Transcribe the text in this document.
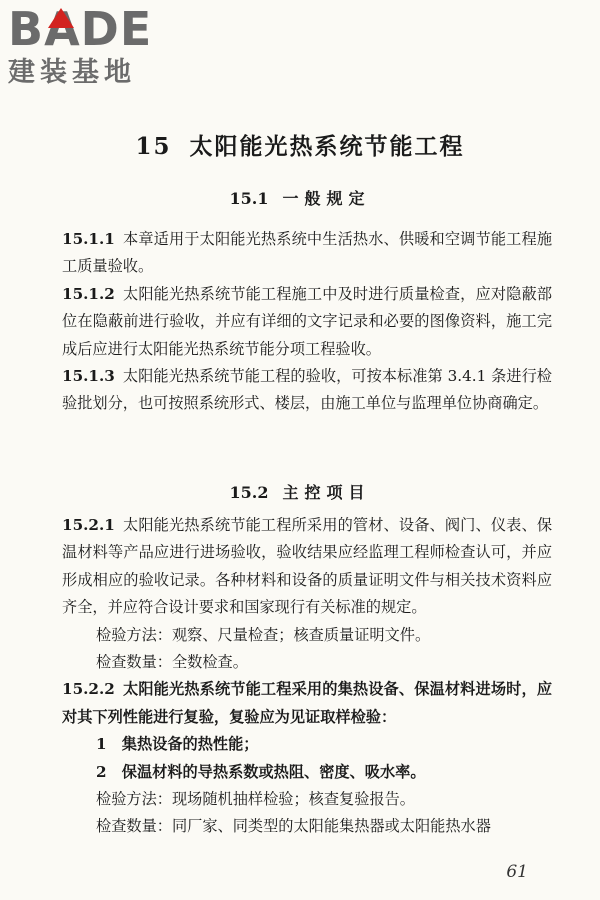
B
ADE
建装基地
15 太阳能光热系统节能工程
15.1 一般规定

15.1.1 本章适用于太阳能光热系统中生活热水、供暖和空调节能工程施工质量验收。

15.1.2 太阳能光热系统节能工程施工中及时进行质量检查，应对隐蔽部位在隐蔽前进行验收，并应有详细的文字记录和必要的图像资料，施工完成后应进行太阳能光热系统节能分项工程验收。

15.1.3 太阳能光热系统节能工程的验收，可按本标准第 3.4.1 条进行检验批划分，也可按照系统形式、楼层，由施工单位与监理单位协商确定。

15.2 主控项目

15.2.1 太阳能光热系统节能工程所采用的管材、设备、阀门、仪表、保温材料等产品应进行进场验收，验收结果应经监理工程师检查认可，并应形成相应的验收记录。各种材料和设备的质量证明文件与相关技术资料应齐全，并应符合设计要求和国家现行有关标准的规定。

检验方法：观察、尺量检查；核查质量证明文件。

检查数量：全数检查。

15.2.2 太阳能光热系统节能工程采用的集热设备、保温材料进场时，应对其下列性能进行复验，复验应为见证取样检验：

1　集热设备的热性能；

2　保温材料的导热系数或热阻、密度、吸水率。

检验方法：现场随机抽样检验；核查复验报告。

检查数量：同厂家、同类型的太阳能集热器或太阳能热水器

61
